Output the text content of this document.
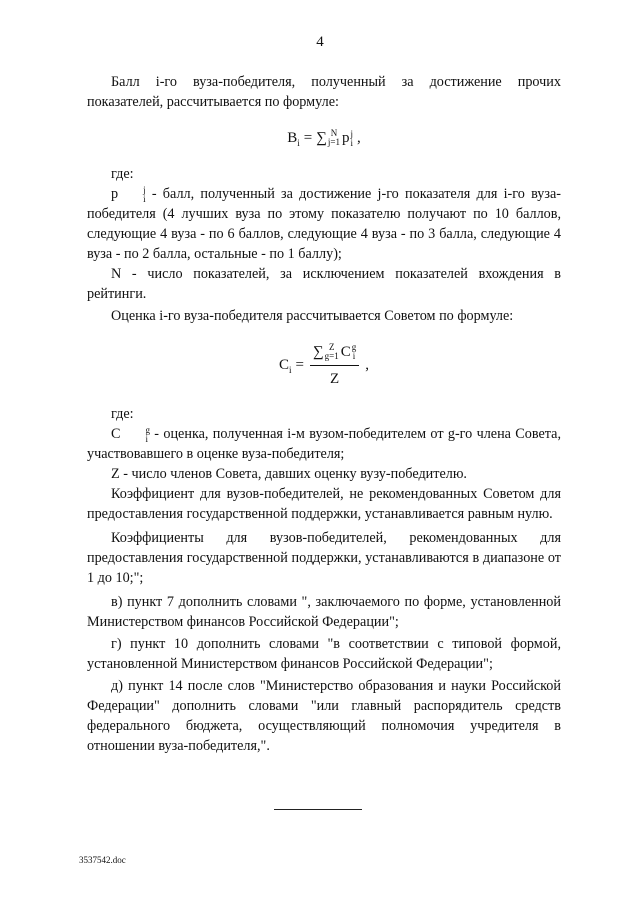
4

Балл i-го вуза-победителя, полученный за достижение прочих показателей, рассчитывается по формуле:

$B_i$ = ∑ N
j=1 p j
i ,

где:

p	j
i - балл, полученный за достижение j-го показателя для i-го вуза-победителя (4 лучших вуза по этому показателю получают по 10 баллов, следующие 4 вуза - по 6 баллов, следующие 4 вуза - по 3 балла, следующие 4 вуза - по 2 балла, остальные - по 1 баллу);

N - число показателей, за исключением показателей вхождения в рейтинги.

Оценка i-го вуза-победителя рассчитывается Советом по формуле:

$C_i$ = ∑ Z
g=1 C g
i
Z ,

где:

C	g
i - оценка, полученная i-м вузом-победителем от g-го члена Совета, участвовавшего в оценке вуза-победителя;

Z - число членов Совета, давших оценку вузу-победителю.

Коэффициент для вузов-победителей, не рекомендованных Советом для предоставления государственной поддержки, устанавливается равным нулю.

Коэффициенты для вузов-победителей, рекомендованных для предоставления государственной поддержки, устанавливаются в диапазоне от 1 до 10;";

в) пункт 7 дополнить словами ", заключаемого по форме, установленной Министерством финансов Российской Федерации";

г) пункт 10 дополнить словами "в соответствии с типовой формой, установленной Министерством финансов Российской Федерации";

д) пункт 14 после слов "Министерство образования и науки Российской Федерации" дополнить словами "или главный распорядитель средств федерального бюджета, осуществляющий полномочия учредителя в отношении вуза-победителя,".

3537542.doc
